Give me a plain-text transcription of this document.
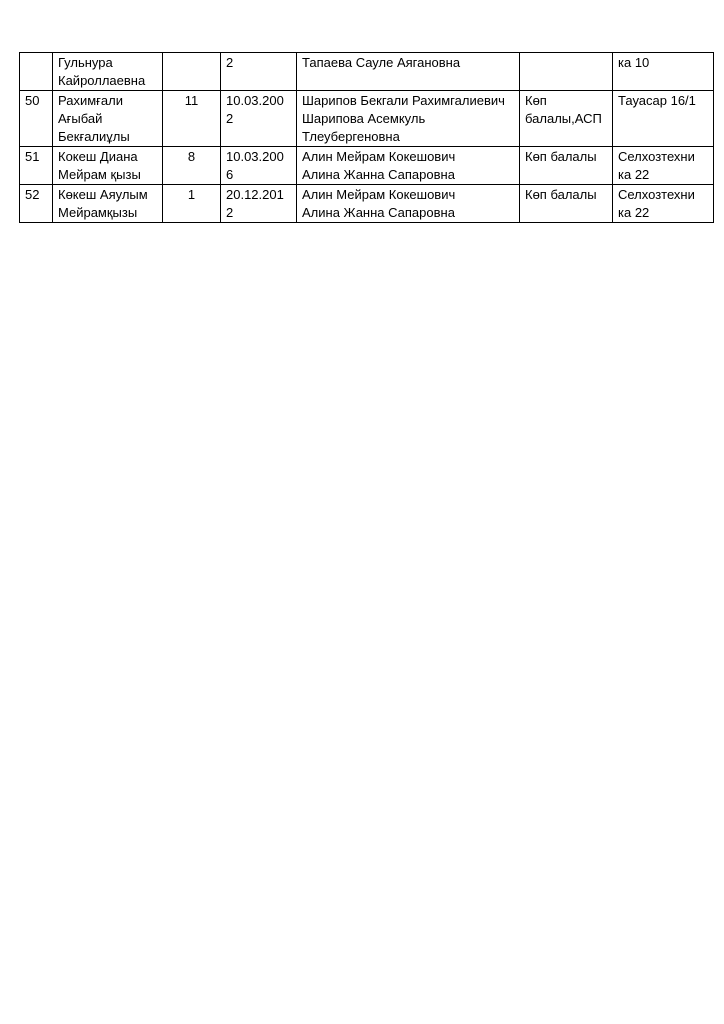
	Гульнура
Кайроллаевна		2	Тапаева Сауле Аягановна		ка 10
50	Рахимғали
Ағыбай
Бекғалиұлы	11	10.03.200
2	Шарипов Бекгали Рахимгалиевич
Шарипова Асемкуль
Тлеубергеновна	Көп
балалы,АСП	Тауасар 16/1
51	Кокеш Диана
Мейрам қызы	8	10.03.200
6	Алин Мейрам Кокешович
Алина Жанна Сапаровна	Көп балалы	Селхозтехни
ка 22
52	Көкеш Аяулым
Мейрамқызы	1	20.12.201
2	Алин Мейрам Кокешович
Алина Жанна Сапаровна	Көп балалы	Селхозтехни
ка 22
